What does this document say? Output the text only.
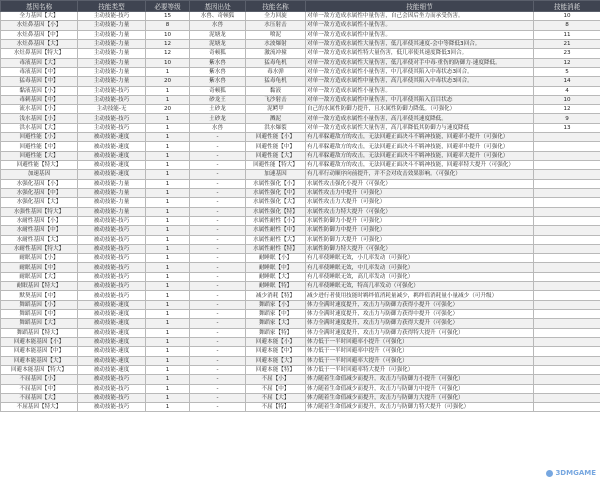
基因名称	技能类型	必要等级	基因出处	技能名称	技能细节	技能消耗
全力基因【大】	主动技能-技巧	15	水兽、奇顿狐	全力回旋	对单一敌方造成水属性中量伤害，自己会因后坐力而承受伤害。	10
水灶鼻基因【小】	主动技能-力量	8	水兽	水压射击	对单一敌方造成水属性小量伤害。	8
水灶鼻基因【中】	主动技能-力量	10	泥塘龙	喷泥	对单一敌方造成水属性中量伤害。	11
水灶鼻基因【大】	主动技能-力量	12	泥塘龙	水波爆射	对单一敌方造成水属性大量伤害，低几率使其速度-会中等降低3回合。	21
水灶鼻基因【特大】	主动技能-力量	12	奇顿狐	激流冲撞	对单一敌方造成水属性特大量伤害，低几率使其速度降低3回合。	23
毒液基因【大】	主动技能-力量	10	紫水兽	猛毒龟机	对单一敌方造成水属性大量伤害，低几率使对手中毒·重伤的防御力·速度降低。	12
毒液基因【中】	主动技能-力量	1	紫水兽	毒水弹	对单一敌方造成水属性小量伤害，中几率使其陷入中毒状态3回合。	5
猛毒基因【中】	主动技能-力量	20	紫水兽	猛毒龟机	对单一敌方造成水属性中量伤害，高几率使其陷入中毒状态3回合。	14
黏液基因【小】	主动技能-技巧	1	奇顿狐	黏液	对单一敌方造成水属性小量伤害。	4
毒刺基因【中】	主动技能-技巧	1	砂龙王	飞沙射击	对单一敌方造成水属性中量伤害，中几率使其陷入盲目状态	10
流水基因【小】	主动技能-无	20	土砂龙	泥鳄甲	自己的水属性防御力提升，且水属性防御力降低。（可强化）	12
浅水基因【小】	主动技能-技巧	1	土砂龙	溅泥	对单一敌方造成水属性小量伤害，高几率使其速度降低。	9
洪水基因【大】	主动技能-技巧	1	水兽	洪水爆裂	对单一敌方造成水属性大量伤害，高几率降低其防御力与速度降低	13
回避性能【小】	被动技能-速度	1	-	回避性能【小】	有几率躲避敌方的攻击，无法回避正面决斗不羁神技能，回避率小提升（可强化）	
回避性能【中】	被动技能-速度	1	-	回避性能【中】	有几率躲避敌方的攻击，无法回避正面决斗不羁神技能，回避率中提升（可强化）	
回避性能【大】	被动技能-速度	1	-	回避性能【大】	有几率躲避敌方的攻击，无法回避正面决斗不羁神技能，回避率大提升（可强化）	
回避性能【特大】	被动技能-速度	1	-	回避性能【特大】	有几率躲避敌方的攻击，无法回避正面决斗不羁神技能，回避率特大提升（可强化）	
加速基因	被动技能-速度	1	-	加速基因	有几率行动顺序向前提升，并不会对攻击效果影响。（可强化）	
水强化基因【小】	被动技能-力量	1	-	水属性强化【小】	水属性攻击强化小提升（可强化）	
水强化基因【中】	被动技能-力量	1	-	水属性强化【中】	水属性攻击力中提升（可强化）	
水强化基因【大】	被动技能-力量	1	-	水属性强化【大】	水属性攻击力大提升（可强化）	
水强性基因【特大】	被动技能-力量	1	-	水属性强化【特】	水属性攻击力特大提升（可强化）	
水耐性基因【小】	被动技能-技巧	1	-	水属性耐性【小】	水属性防御力小提升（可强化）	
水耐性基因【中】	被动技能-技巧	1	-	水属性耐性【中】	水属性防御力中提升（可强化）	
水耐性基因【大】	被动技能-技巧	1	-	水属性耐性【大】	水属性防御力大提升（可强化）	
水耐性基因【特大】	被动技能-技巧	1	-	水属性耐性【特】	水属性防御力特大提升（可强化）	
耐眠基因【小】	被动技能-技巧	1	-	耐睡眠【小】	有几率使睡眠无效，小几率发动（可强化）	
耐眠基因【中】	被动技能-技巧	1	-	耐睡眠【中】	有几率使睡眠无效，中几率发动（可强化）	
耐眠基因【大】	被动技能-技巧	1	-	耐睡眠【大】	有几率使睡眠无效，高几率发动（可强化）	
耐眠基因【特大】	被动技能-技巧	1	-	耐睡眠【特】	有几率使睡眠无效，特高几率发动（可强化）	
默契基因【中】	被动技能-技巧	1	-	减少消耗【特】	减少进行者使用技能时羁绊值消耗量减少，羁绊值消耗量小量减少（可升级）	
舞蹈基因【小】	被动技能-速度	1	-	舞蹈家【小】	体力全满时速度提升，攻击力与防御力获得小提升（可强化）	
舞蹈基因【中】	被动技能-速度	1	-	舞蹈家【中】	体力全满时速度提升，攻击力与防御力获得中提升（可强化）	
舞蹈基因【大】	被动技能-速度	1	-	舞蹈家【大】	体力全满时速度提升，攻击力与防御力获得大提升（可强化）	
舞蹈基因【特大】	被动技能-速度	1	-	舞蹈家【特】	体力全满时速度提升，攻击力与防御力获得特大提升（可强化）	
回避本能基因【小】	被动技能-速度	1	-	回避本能【小】	体力低于一半时回避率小提升（可强化）	
回避本能基因【中】	被动技能-速度	1	-	回避本能【中】	体力低于一半时回避率中提升（可强化）	
回避本能基因【大】	被动技能-速度	1	-	回避本能【大】	体力低于一半时回避率大提升（可强化）	
回避本能基因【特大】	被动技能-速度	1	-	回避本能【特】	体力低于一半时回避率特大提升（可强化）	
不屈基因【小】	被动技能-技巧	1	-	不屈【小】	体力随着生命值减少而提升，攻击力与防御力小提升（可强化）	
不屈基因【中】	被动技能-技巧	1	-	不屈【中】	体力随着生命值减少而提升，攻击力与防御力中提升（可强化）	
不屈基因【大】	被动技能-技巧	1	-	不屈【大】	体力随着生命值减少而提升，攻击力与防御力大提升（可强化）	
不屈基因【特大】	被动技能-技巧	1	-	不屈【特】	体力随着生命值减少而提升，攻击力与防御力特大提升（可强化）	
3DMGAME
